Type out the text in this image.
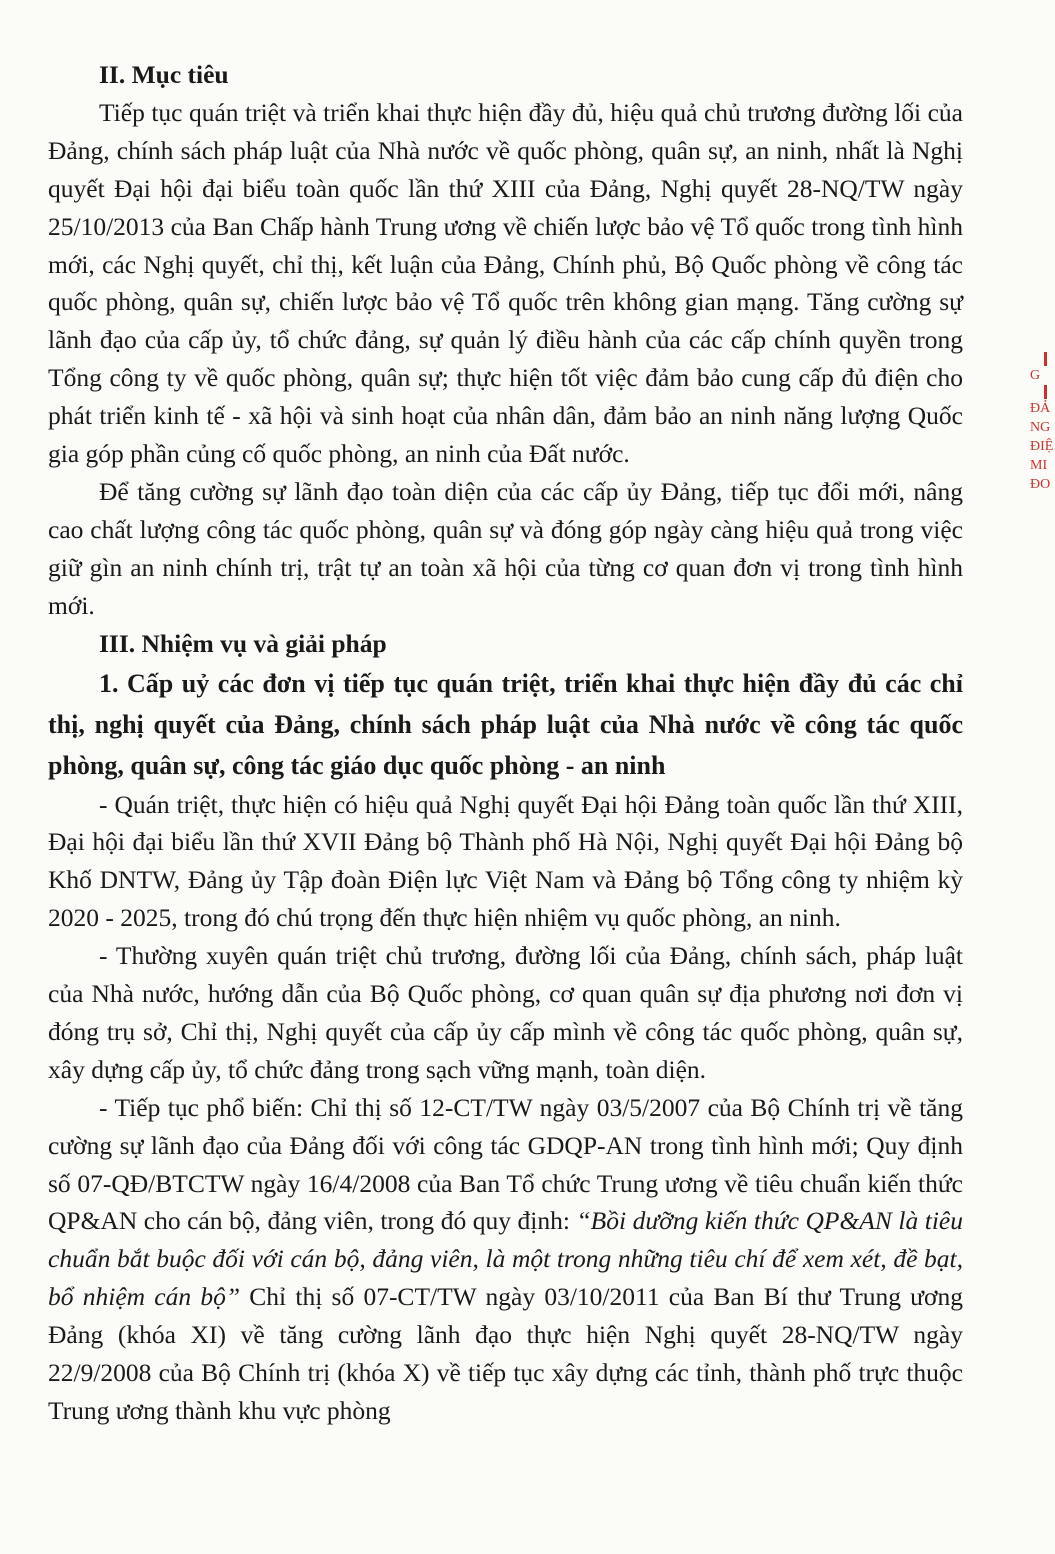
II. Mục tiêu

Tiếp tục quán triệt và triển khai thực hiện đầy đủ, hiệu quả chủ trương đường lối của Đảng, chính sách pháp luật của Nhà nước về quốc phòng, quân sự, an ninh, nhất là Nghị quyết Đại hội đại biểu toàn quốc lần thứ XIII của Đảng, Nghị quyết 28-NQ/TW ngày 25/10/2013 của Ban Chấp hành Trung ương về chiến lược bảo vệ Tổ quốc trong tình hình mới, các Nghị quyết, chỉ thị, kết luận của Đảng, Chính phủ, Bộ Quốc phòng về công tác quốc phòng, quân sự, chiến lược bảo vệ Tổ quốc trên không gian mạng. Tăng cường sự lãnh đạo của cấp ủy, tổ chức đảng, sự quản lý điều hành của các cấp chính quyền trong Tổng công ty về quốc phòng, quân sự; thực hiện tốt việc đảm bảo cung cấp đủ điện cho phát triển kinh tế - xã hội và sinh hoạt của nhân dân, đảm bảo an ninh năng lượng Quốc gia góp phần củng cố quốc phòng, an ninh của Đất nước.

Để tăng cường sự lãnh đạo toàn diện của các cấp ủy Đảng, tiếp tục đổi mới, nâng cao chất lượng công tác quốc phòng, quân sự và đóng góp ngày càng hiệu quả trong việc giữ gìn an ninh chính trị, trật tự an toàn xã hội của từng cơ quan đơn vị trong tình hình mới.

III. Nhiệm vụ và giải pháp

1. Cấp uỷ các đơn vị tiếp tục quán triệt, triển khai thực hiện đầy đủ các chỉ thị, nghị quyết của Đảng, chính sách pháp luật của Nhà nước về công tác quốc phòng, quân sự, công tác giáo dục quốc phòng - an ninh

- Quán triệt, thực hiện có hiệu quả Nghị quyết Đại hội Đảng toàn quốc lần thứ XIII, Đại hội đại biểu lần thứ XVII Đảng bộ Thành phố Hà Nội, Nghị quyết Đại hội Đảng bộ Khố DNTW, Đảng ủy Tập đoàn Điện lực Việt Nam và Đảng bộ Tổng công ty nhiệm kỳ 2020 - 2025, trong đó chú trọng đến thực hiện nhiệm vụ quốc phòng, an ninh.

- Thường xuyên quán triệt chủ trương, đường lối của Đảng, chính sách, pháp luật của Nhà nước, hướng dẫn của Bộ Quốc phòng, cơ quan quân sự địa phương nơi đơn vị đóng trụ sở, Chỉ thị, Nghị quyết của cấp ủy cấp mình về công tác quốc phòng, quân sự, xây dựng cấp ủy, tổ chức đảng trong sạch vững mạnh, toàn diện.

- Tiếp tục phổ biến: Chỉ thị số 12-CT/TW ngày 03/5/2007 của Bộ Chính trị về tăng cường sự lãnh đạo của Đảng đối với công tác GDQP-AN trong tình hình mới; Quy định số 07-QĐ/BTCTW ngày 16/4/2008 của Ban Tổ chức Trung ương về tiêu chuẩn kiến thức QP&AN cho cán bộ, đảng viên, trong đó quy định: “Bồi dưỡng kiến thức QP&AN là tiêu chuẩn bắt buộc đối với cán bộ, đảng viên, là một trong những tiêu chí để xem xét, đề bạt, bổ nhiệm cán bộ” Chỉ thị số 07-CT/TW ngày 03/10/2011 của Ban Bí thư Trung ương Đảng (khóa XI) về tăng cường lãnh đạo thực hiện Nghị quyết 28-NQ/TW ngày 22/9/2008 của Bộ Chính trị (khóa X) về tiếp tục xây dựng các tỉnh, thành phố trực thuộc Trung ương thành khu vực phòng

G
ĐẢ
NG
ĐIỆ
MI
ĐO
